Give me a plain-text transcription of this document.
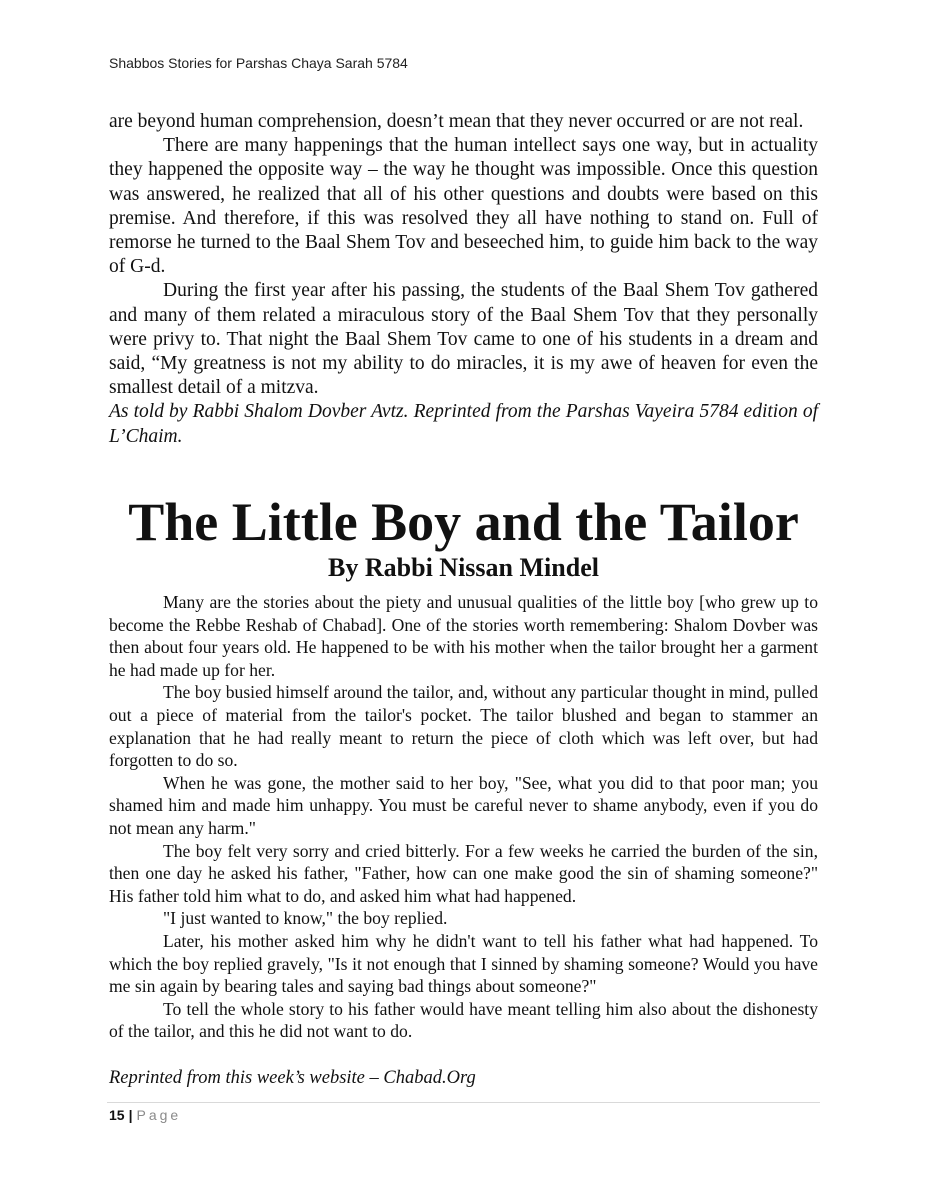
Shabbos Stories for Parshas Chaya Sarah 5784

are beyond human comprehension, doesn’t mean that they never occurred or are not real.

There are many happenings that the human intellect says one way, but in actuality they happened the opposite way – the way he thought was impossible. Once this question was answered, he realized that all of his other questions and doubts were based on this premise. And therefore, if this was resolved they all have nothing to stand on. Full of remorse he turned to the Baal Shem Tov and beseeched him, to guide him back to the way of G-d.

During the first year after his passing, the students of the Baal Shem Tov gathered and many of them related a miraculous story of the Baal Shem Tov that they personally were privy to. That night the Baal Shem Tov came to one of his students in a dream and said, “My greatness is not my ability to do miracles, it is my awe of heaven for even the smallest detail of a mitzva.

As told by Rabbi Shalom Dovber Avtz. Reprinted from the Parshas Vayeira 5784 edition of L’Chaim.

The Little Boy and the Tailor
By Rabbi Nissan Mindel

Many are the stories about the piety and unusual qualities of the little boy [who grew up to become the Rebbe Reshab of Chabad]. One of the stories worth remembering: Shalom Dovber was then about four years old. He happened to be with his mother when the tailor brought her a garment he had made up for her.

The boy busied himself around the tailor, and, without any particular thought in mind, pulled out a piece of material from the tailor's pocket. The tailor blushed and began to stammer an explanation that he had really meant to return the piece of cloth which was left over, but had forgotten to do so.

When he was gone, the mother said to her boy, "See, what you did to that poor man; you shamed him and made him unhappy. You must be careful never to shame anybody, even if you do not mean any harm."

The boy felt very sorry and cried bitterly. For a few weeks he carried the burden of the sin, then one day he asked his father, "Father, how can one make good the sin of shaming someone?" His father told him what to do, and asked him what had happened.

"I just wanted to know," the boy replied.

Later, his mother asked him why he didn't want to tell his father what had happened. To which the boy replied gravely, "Is it not enough that I sinned by shaming someone? Would you have me sin again by bearing tales and saying bad things about someone?"

To tell the whole story to his father would have meant telling him also about the dishonesty of the tailor, and this he did not want to do.

Reprinted from this week’s website – Chabad.Org
15 | Page
